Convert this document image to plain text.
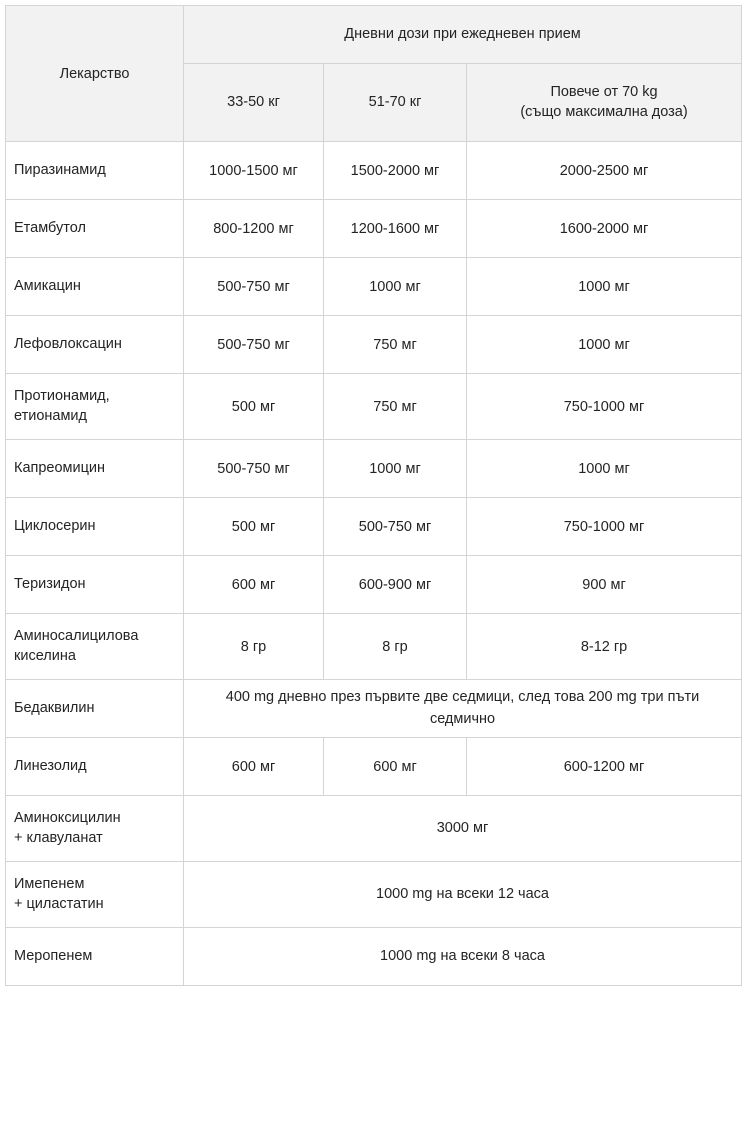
Лекарство	Дневни дози при ежедневен прием		
	33-50 кг	51-70 кг	Повече от 70 kg
(също максимална доза)

Пиразинамид	1000-1500 мг	1500-2000 мг	2000-2500 мг

Етамбутол	800-1200 мг	1200-1600 мг	1600-2000 мг

Амикацин	500-750 мг	1000 мг	1000 мг

Лефовлоксацин	500-750 мг	750 мг	1000 мг

Протионамид,
етионамид	500 мг	750 мг	750-1000 мг

Капреомицин	500-750 мг	1000 мг	1000 мг

Циклосерин	500 мг	500-750 мг	750-1000 мг

Теризидон	600 мг	600-900 мг	900 мг

Аминосалицилова
киселина	8 гр	8 гр	8-12 гр

Бедаквилин	400 mg дневно през първите две седмици, след това 200 mg три пъти седмично		

Линезолид	600 мг	600 мг	600-1200 мг

Аминоксицилин
+ клавуланат	3000 мг		

Имепенем
+ циластатин	1000 mg на всеки 12 часа		

Меропенем	1000 mg на всеки 8 часа		
